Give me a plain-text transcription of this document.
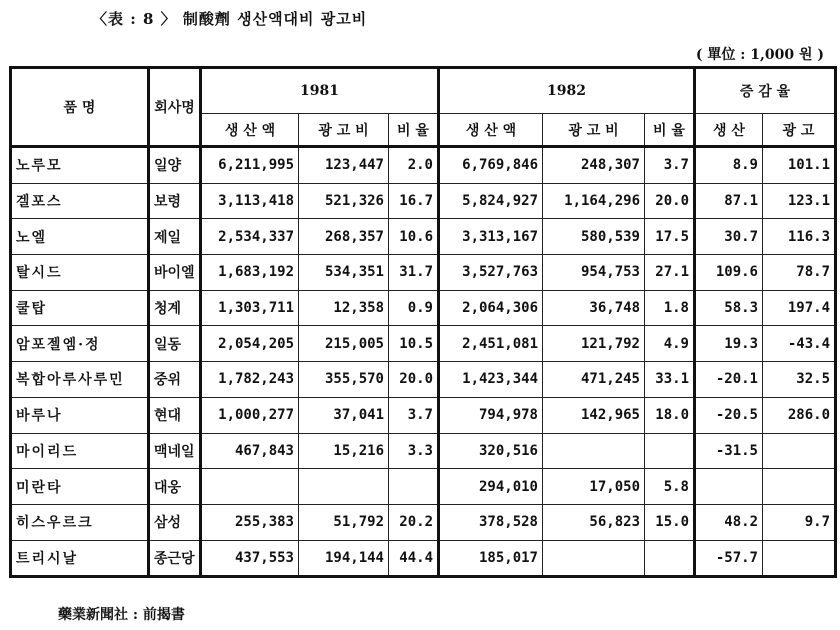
〈表 : 8 〉 制酸劑 생산액대비 광고비
( 單位 : 1,000 원 )
품 명	회사명	1981			1982			증 감 율	
		생 산 액	광 고 비	비 율	생 산 액	광 고 비	비 율	생 산	광 고
노루모	일양	6,211,995	123,447	2.0	6,769,846	248,307	3.7	8.9	101.1
겔포스	보령	3,113,418	521,326	16.7	5,824,927	1,164,296	20.0	87.1	123.1
노엘	제일	2,534,337	268,357	10.6	3,313,167	580,539	17.5	30.7	116.3
탈시드	바이엘	1,683,192	534,351	31.7	3,527,763	954,753	27.1	109.6	78.7
쿨탑	청계	1,303,711	12,358	0.9	2,064,306	36,748	1.8	58.3	197.4
암포젤엠·정	일동	2,054,205	215,005	10.5	2,451,081	121,792	4.9	19.3	-43.4
복합아루사루민	중위	1,782,243	355,570	20.0	1,423,344	471,245	33.1	-20.1	32.5
바루나	현대	1,000,277	37,041	3.7	794,978	142,965	18.0	-20.5	286.0
마이리드	맥네일	467,843	15,216	3.3	320,516			-31.5	
미란타	대웅				294,010	17,050	5.8		
히스우르크	삼성	255,383	51,792	20.2	378,528	56,823	15.0	48.2	9.7
트리시날	종근당	437,553	194,144	44.4	185,017			-57.7	
藥業新聞社 : 前揭書
